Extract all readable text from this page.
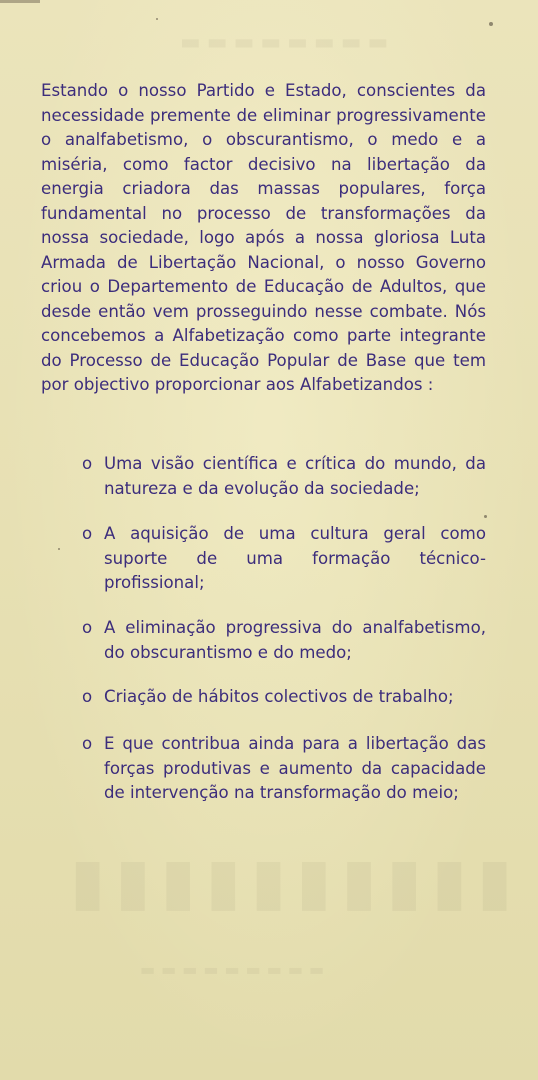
▬▬▬▬▬▬▬▬
▮▮▮▮▮▮▮▮▮▮
▬▬▬▬▬▬▬▬▬

Estando o nosso Partido e Estado, conscientes da necessidade premente de eliminar progressivamente o analfabetismo, o obscurantismo, o medo e a miséria, como factor decisivo na libertação da energia criadora das massas populares, força fundamental no processo de transformações da nossa sociedade, logo após a nossa gloriosa Luta Armada de Libertação Nacional, o nosso Governo criou o Departemento de Educação de Adultos, que desde então vem prosseguindo nesse combate. Nós concebemos a Alfabetização como parte integrante do Processo de Educação Popular de Base que tem por objectivo proporcionar aos Alfabetizandos :

o Uma visão científica e crítica do mundo, da natureza e da evolução da sociedade;
o A aquisição de uma cultura geral como suporte de uma formação técnico-profissional;
o A eliminação progressiva do analfabetismo, do obscurantismo e do medo;
o Criação de hábitos colectivos de trabalho;
o E que contribua ainda para a libertação das forças produtivas e aumento da capacidade de intervenção na transformação do meio;
